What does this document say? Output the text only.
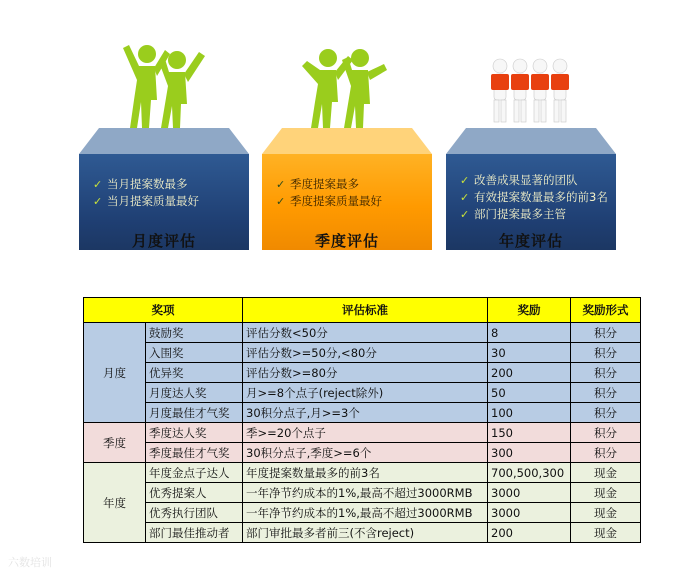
✓ 当月提案数最多
✓ 当月提案质量最好
月度评估
✓ 季度提案最多
✓ 季度提案质量最好
季度评估
✓ 改善成果显著的团队
✓ 有效提案数量最多的前3名
✓ 部门提案最多主管
年度评估
奖项		评估标准	奖励	奖励形式
月度	鼓励奖	评估分数<50分	8	积分
	入围奖	评估分数>=50分,<80分	30	积分
	优异奖	评估分数>=80分	200	积分
	月度达人奖	月>=8个点子(reject除外)	50	积分
	月度最佳才气奖	30积分点子,月>=3个	100	积分
季度	季度达人奖	季>=20个点子	150	积分
	季度最佳才气奖	30积分点子,季度>=6个	300	积分
年度	年度金点子达人	年度提案数量最多的前3名	700,500,300	现金
	优秀提案人	一年净节约成本的1%,最高不超过3000RMB	3000	现金
	优秀执行团队	一年净节约成本的1%,最高不超过3000RMB	3000	现金
	部门最佳推动者	部门审批最多者前三(不含reject)	200	现金
六数培训
